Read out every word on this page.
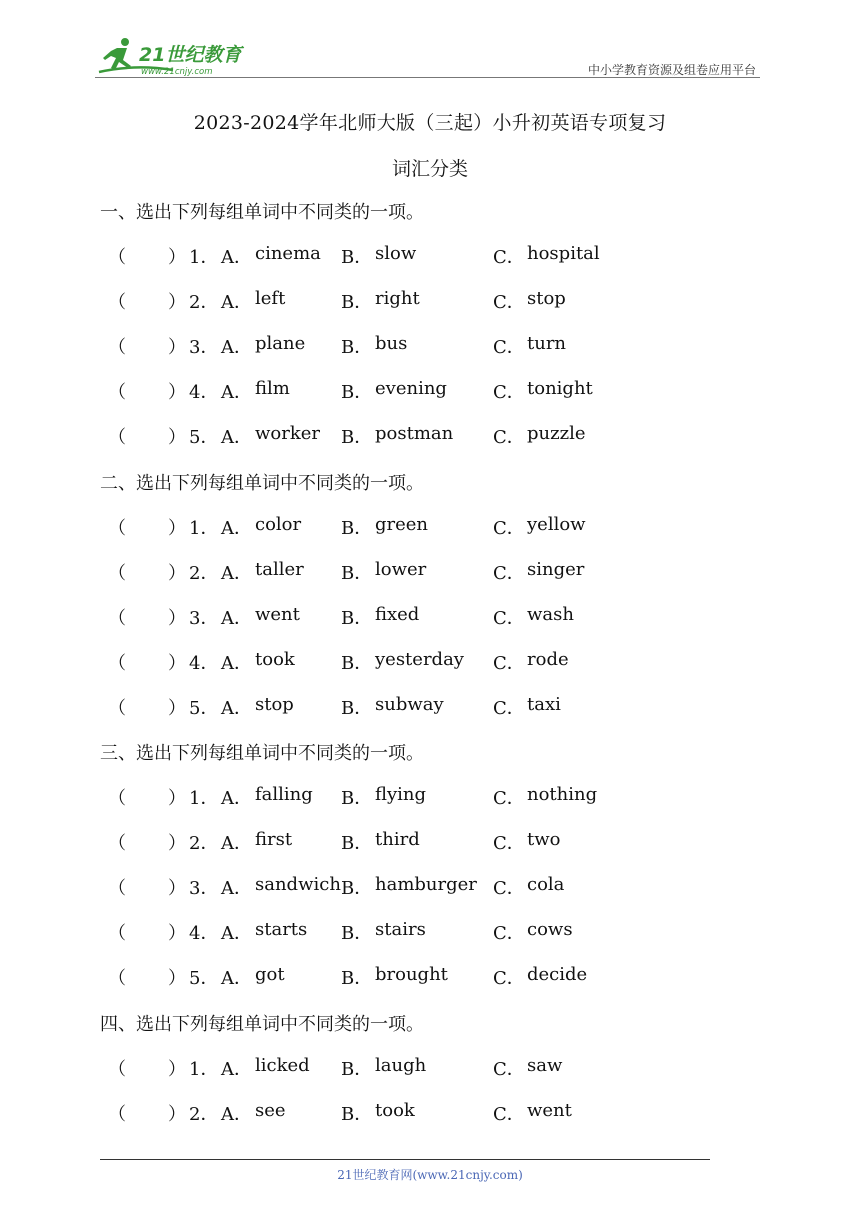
21世纪教育
www.21cnjy.com	中小学教育资源及组卷应用平台
2023-2024学年北师大版（三起）小升初英语专项复习
词汇分类
一、选出下列每组单词中不同类的一项。
（ ） 1． A． cinema B． slow	C． hospital
（ ） 2． A． left	B． right	C． stop
（ ） 3． A． plane B． bus	C． turn
（ ） 4． A． film	B． evening	C． tonight
（ ） 5． A． worker B． postman C． puzzle
二、选出下列每组单词中不同类的一项。
（ ） 1． A． color B． green	C． yellow
（ ） 2． A． taller B． lower	C． singer
（ ） 3． A． went B． fixed	C． wash
（ ） 4． A． took	B． yesterday C． rode
（ ） 5． A． stop	B． subway	C． taxi
三、选出下列每组单词中不同类的一项。
（ ） 1． A． falling B． flying	C． nothing
（ ） 2． A． first	B． third	C． two
（ ） 3． A． sandwich B． hamburger C． cola
（ ） 4． A． starts B． stairs	C． cows
（ ） 5． A． got	B． brought	C． decide
四、选出下列每组单词中不同类的一项。
（ ） 1． A． licked B． laugh	C． saw
（ ） 2． A． see	B． took	C． went
21世纪教育网(www.21cnjy.com)
